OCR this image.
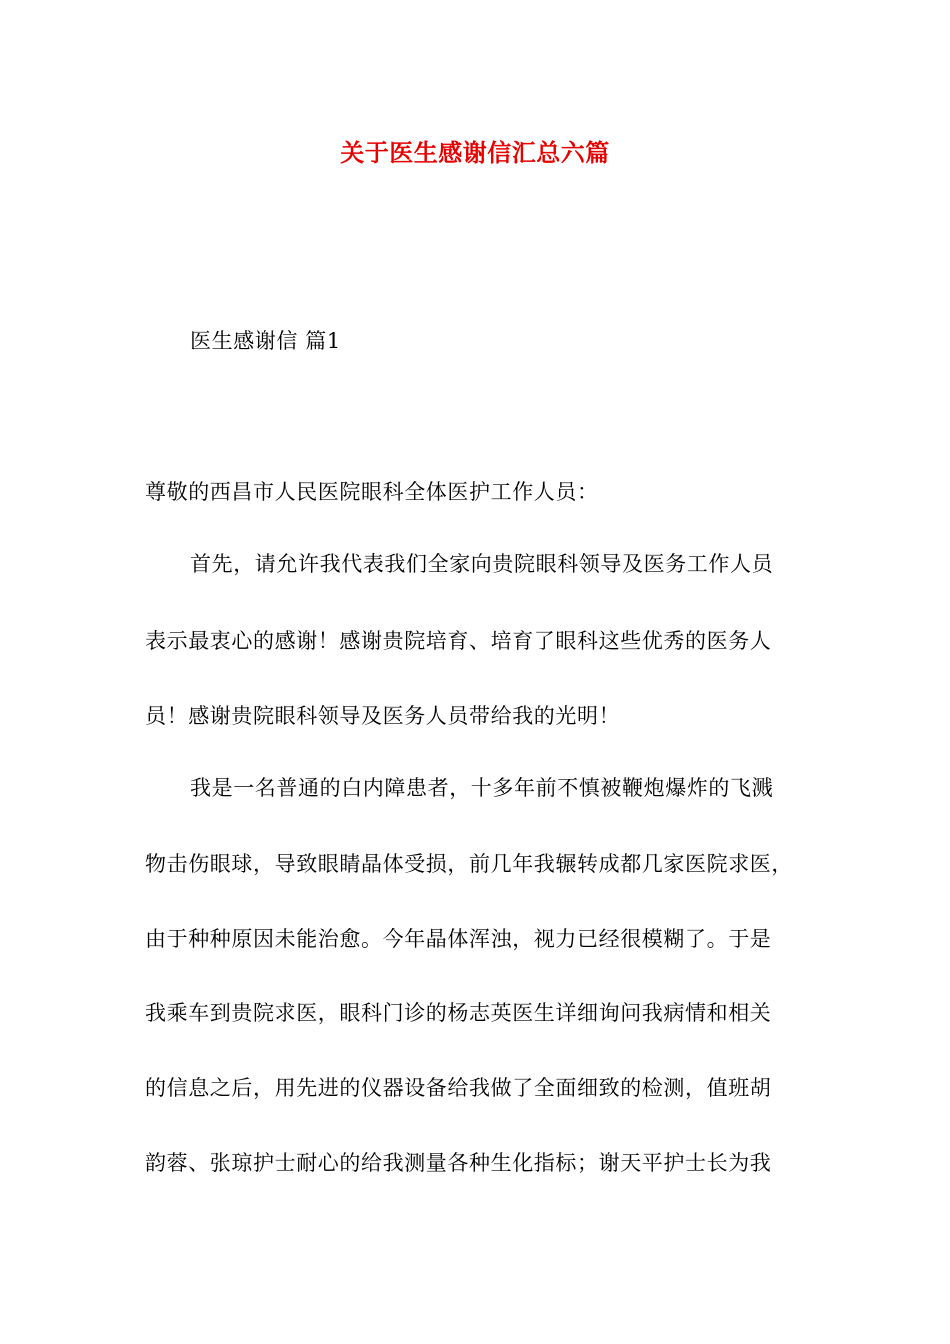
关于医生感谢信汇总六篇
医生感谢信 篇1
尊敬的西昌市人民医院眼科全体医护工作人员：
首先，请允许我代表我们全家向贵院眼科领导及医务工作人员
表示最衷心的感谢！感谢贵院培育、培育了眼科这些优秀的医务人
员！感谢贵院眼科领导及医务人员带给我的光明！
我是一名普通的白内障患者，十多年前不慎被鞭炮爆炸的飞溅
物击伤眼球，导致眼睛晶体受损，前几年我辗转成都几家医院求医，
由于种种原因未能治愈。今年晶体浑浊，视力已经很模糊了。于是
我乘车到贵院求医，眼科门诊的杨志英医生详细询问我病情和相关
的信息之后，用先进的仪器设备给我做了全面细致的检测，值班胡
韵蓉、张琼护士耐心的给我测量各种生化指标；谢天平护士长为我
